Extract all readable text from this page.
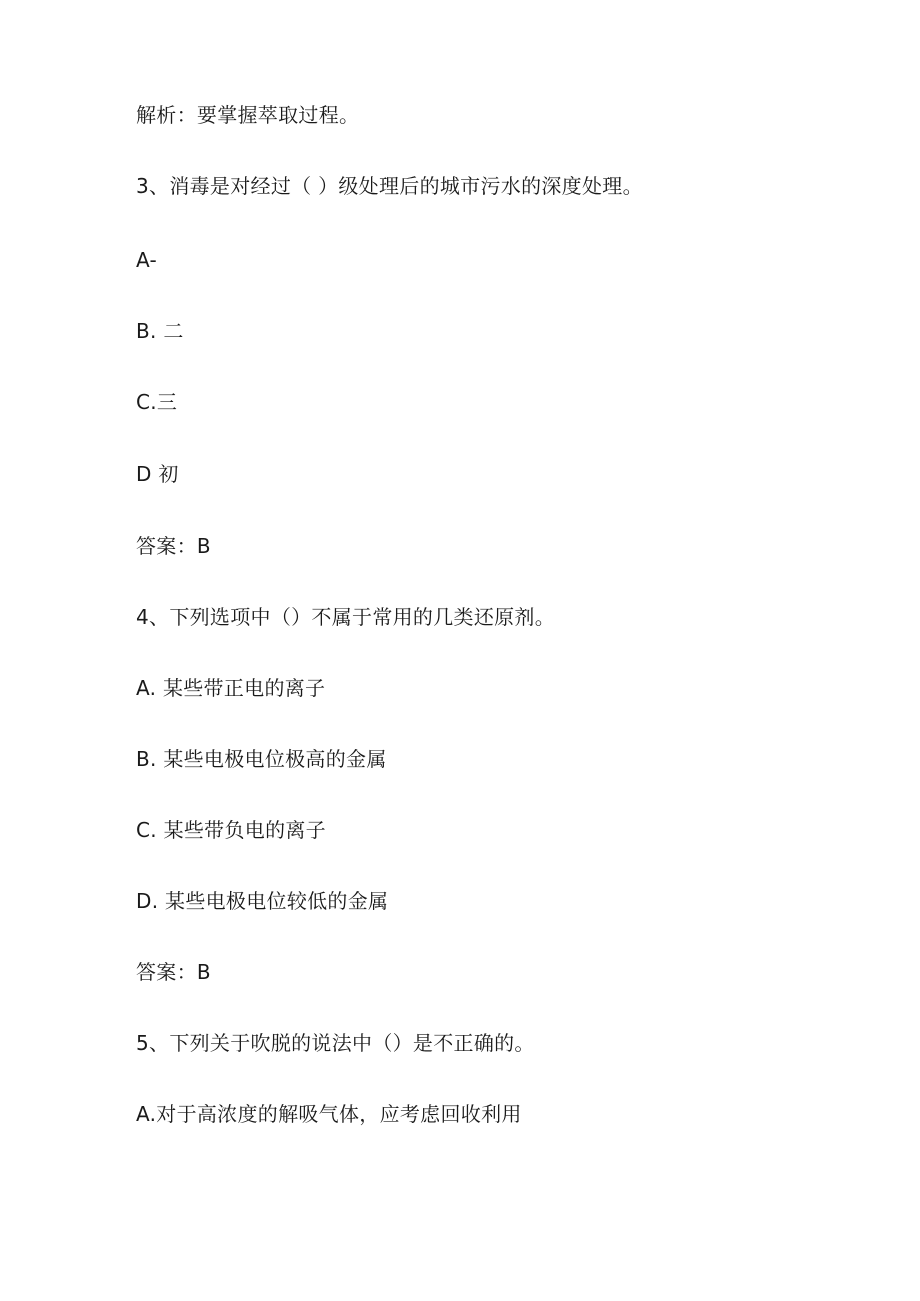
解析：要掌握萃取过程。
3、消毒是对经过（ ）级处理后的城市污水的深度处理。
A-
B. 二
C.三
D 初
答案：B
4、下列选项中（）不属于常用的几类还原剂。
A. 某些带正电的离子
B. 某些电极电位极高的金属
C. 某些带负电的离子
D. 某些电极电位较低的金属
答案：B
5、下列关于吹脱的说法中（）是不正确的。
A.对于高浓度的解吸气体，应考虑回收利用
